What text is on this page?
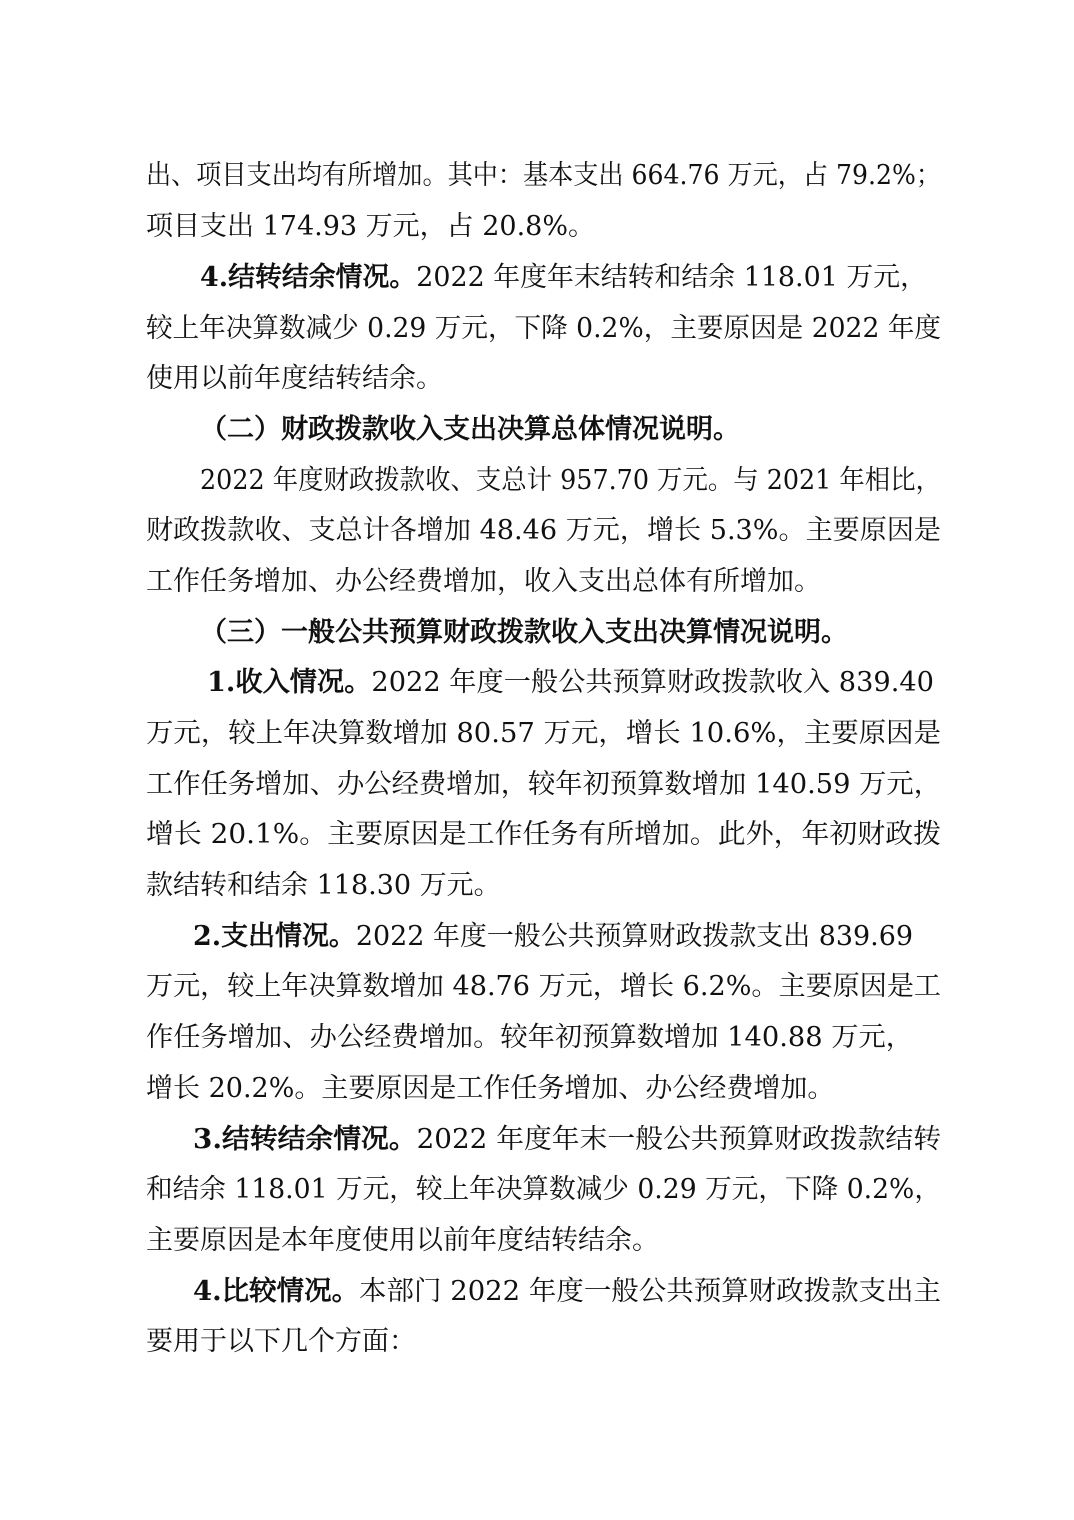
出、项目支出均有所增加。其中：基本支出 664.76 万元，占 79.2%；

项目支出 174.93 万元，占 20.8%。

4.结转结余情况。2022 年度年末结转和结余 118.01 万元，

较上年决算数减少 0.29 万元，下降 0.2%，主要原因是 2022 年度

使用以前年度结转结余。

（二）财政拨款收入支出决算总体情况说明。

2022 年度财政拨款收、支总计 957.70 万元。与 2021 年相比，

财政拨款收、支总计各增加 48.46 万元，增长 5.3%。主要原因是

工作任务增加、办公经费增加，收入支出总体有所增加。

（三）一般公共预算财政拨款收入支出决算情况说明。

1.收入情况。2022 年度一般公共预算财政拨款收入 839.40

万元，较上年决算数增加 80.57 万元，增长 10.6%，主要原因是

工作任务增加、办公经费增加，较年初预算数增加 140.59 万元，

增长 20.1%。主要原因是工作任务有所增加。此外，年初财政拨

款结转和结余 118.30 万元。

2.支出情况。2022 年度一般公共预算财政拨款支出 839.69

万元，较上年决算数增加 48.76 万元，增长 6.2%。主要原因是工

作任务增加、办公经费增加。较年初预算数增加 140.88 万元，

增长 20.2%。主要原因是工作任务增加、办公经费增加。

3.结转结余情况。2022 年度年末一般公共预算财政拨款结转

和结余 118.01 万元，较上年决算数减少 0.29 万元，下降 0.2%，

主要原因是本年度使用以前年度结转结余。

4.比较情况。本部门 2022 年度一般公共预算财政拨款支出主

要用于以下几个方面：
